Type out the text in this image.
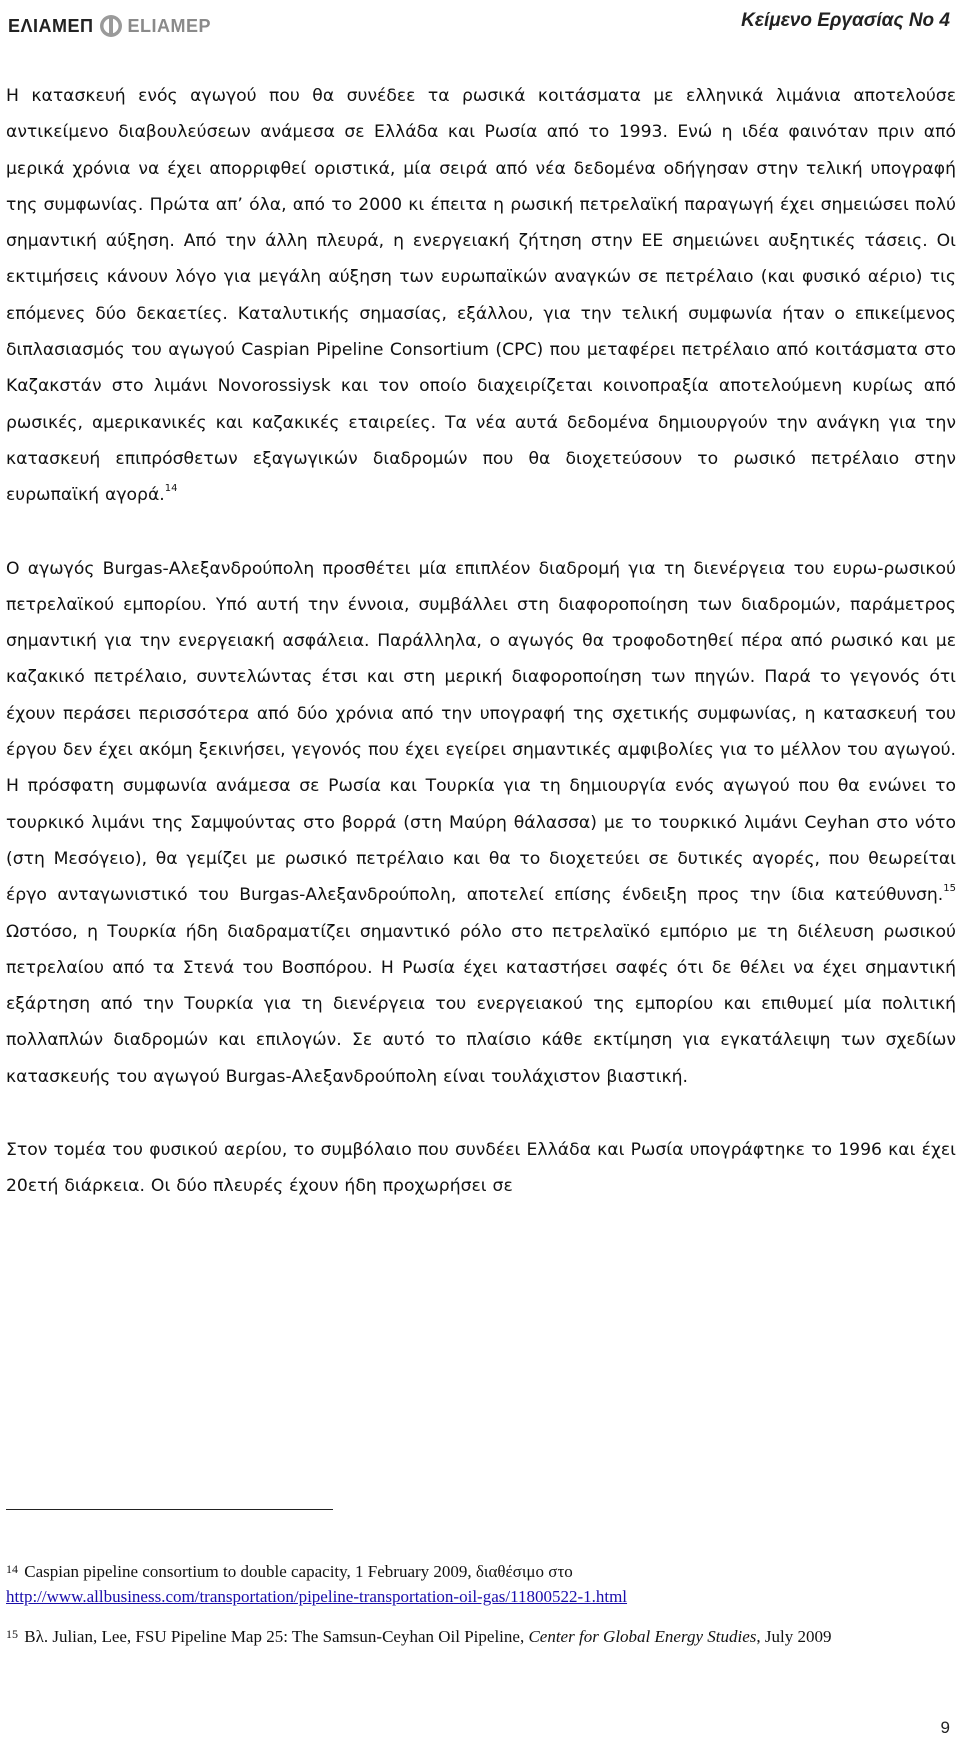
ΕΛΙΑΜΕΠ ELIAMEP	Κείμενο Εργασίας No 4

Η κατασκευή ενός αγωγού που θα συνέδεε τα ρωσικά κοιτάσματα με ελληνικά λιμάνια αποτελούσε αντικείμενο διαβουλεύσεων ανάμεσα σε Ελλάδα και Ρωσία από το 1993. Ενώ η ιδέα φαινόταν πριν από μερικά χρόνια να έχει απορριφθεί οριστικά, μία σειρά από νέα δεδομένα οδήγησαν στην τελική υπογραφή της συμφωνίας. Πρώτα απ’ όλα, από το 2000 κι έπειτα η ρωσική πετρελαϊκή παραγωγή έχει σημειώσει πολύ σημαντική αύξηση. Από την άλλη πλευρά, η ενεργειακή ζήτηση στην ΕΕ σημειώνει αυξητικές τάσεις. Οι εκτιμήσεις κάνουν λόγο για μεγάλη αύξηση των ευρωπαϊκών αναγκών σε πετρέλαιο (και φυσικό αέριο) τις επόμενες δύο δεκαετίες. Καταλυτικής σημασίας, εξάλλου, για την τελική συμφωνία ήταν ο επικείμενος διπλασιασμός του αγωγού Caspian Pipeline Consortium (CPC) που μεταφέρει πετρέλαιο από κοιτάσματα στο Καζακστάν στο λιμάνι Novorossiysk και τον οποίο διαχειρίζεται κοινοπραξία αποτελούμενη κυρίως από ρωσικές, αμερικανικές και καζακικές εταιρείες. Τα νέα αυτά δεδομένα δημιουργούν την ανάγκη για την κατασκευή επιπρόσθετων εξαγωγικών διαδρομών που θα διοχετεύσουν το ρωσικό πετρέλαιο στην ευρωπαϊκή αγορά.$^{14}$

Ο αγωγός Burgas-Αλεξανδρούπολη προσθέτει μία επιπλέον διαδρομή για τη διενέργεια του ευρω-ρωσικού πετρελαϊκού εμπορίου. Υπό αυτή την έννοια, συμβάλλει στη διαφοροποίηση των διαδρομών, παράμετρος σημαντική για την ενεργειακή ασφάλεια. Παράλληλα, ο αγωγός θα τροφοδοτηθεί πέρα από ρωσικό και με καζακικό πετρέλαιο, συντελώντας έτσι και στη μερική διαφοροποίηση των πηγών. Παρά το γεγονός ότι έχουν περάσει περισσότερα από δύο χρόνια από την υπογραφή της σχετικής συμφωνίας, η κατασκευή του έργου δεν έχει ακόμη ξεκινήσει, γεγονός που έχει εγείρει σημαντικές αμφιβολίες για το μέλλον του αγωγού. Η πρόσφατη συμφωνία ανάμεσα σε Ρωσία και Τουρκία για τη δημιουργία ενός αγωγού που θα ενώνει το τουρκικό λιμάνι της Σαμψούντας στο βορρά (στη Μαύρη θάλασσα) με το τουρκικό λιμάνι Ceyhan στο νότο (στη Μεσόγειο), θα γεμίζει με ρωσικό πετρέλαιο και θα το διοχετεύει σε δυτικές αγορές, που θεωρείται έργο ανταγωνιστικό του Burgas-Αλεξανδρούπολη, αποτελεί επίσης ένδειξη προς την ίδια κατεύθυνση.$^{15}$ Ωστόσο, η Τουρκία ήδη διαδραματίζει σημαντικό ρόλο στο πετρελαϊκό εμπόριο με τη διέλευση ρωσικού πετρελαίου από τα Στενά του Βοσπόρου. Η Ρωσία έχει καταστήσει σαφές ότι δε θέλει να έχει σημαντική εξάρτηση από την Τουρκία για τη διενέργεια του ενεργειακού της εμπορίου και επιθυμεί μία πολιτική πολλαπλών διαδρομών και επιλογών. Σε αυτό το πλαίσιο κάθε εκτίμηση για εγκατάλειψη των σχεδίων κατασκευής του αγωγού Burgas-Αλεξανδρούπολη είναι τουλάχιστον βιαστική.

Στον τομέα του φυσικού αερίου, το συμβόλαιο που συνδέει Ελλάδα και Ρωσία υπογράφτηκε το 1996 και έχει 20ετή διάρκεια. Οι δύο πλευρές έχουν ήδη προχωρήσει σε

$^{14}$ Caspian pipeline consortium to double capacity, 1 February 2009, διαθέσιμο στο
http://www.allbusiness.com/transportation/pipeline-transportation-oil-gas/11800522-1.html

$^{15}$ Βλ. Julian, Lee, FSU Pipeline Map 25: The Samsun-Ceyhan Oil Pipeline, Center for Global Energy Studies, July 2009

9
